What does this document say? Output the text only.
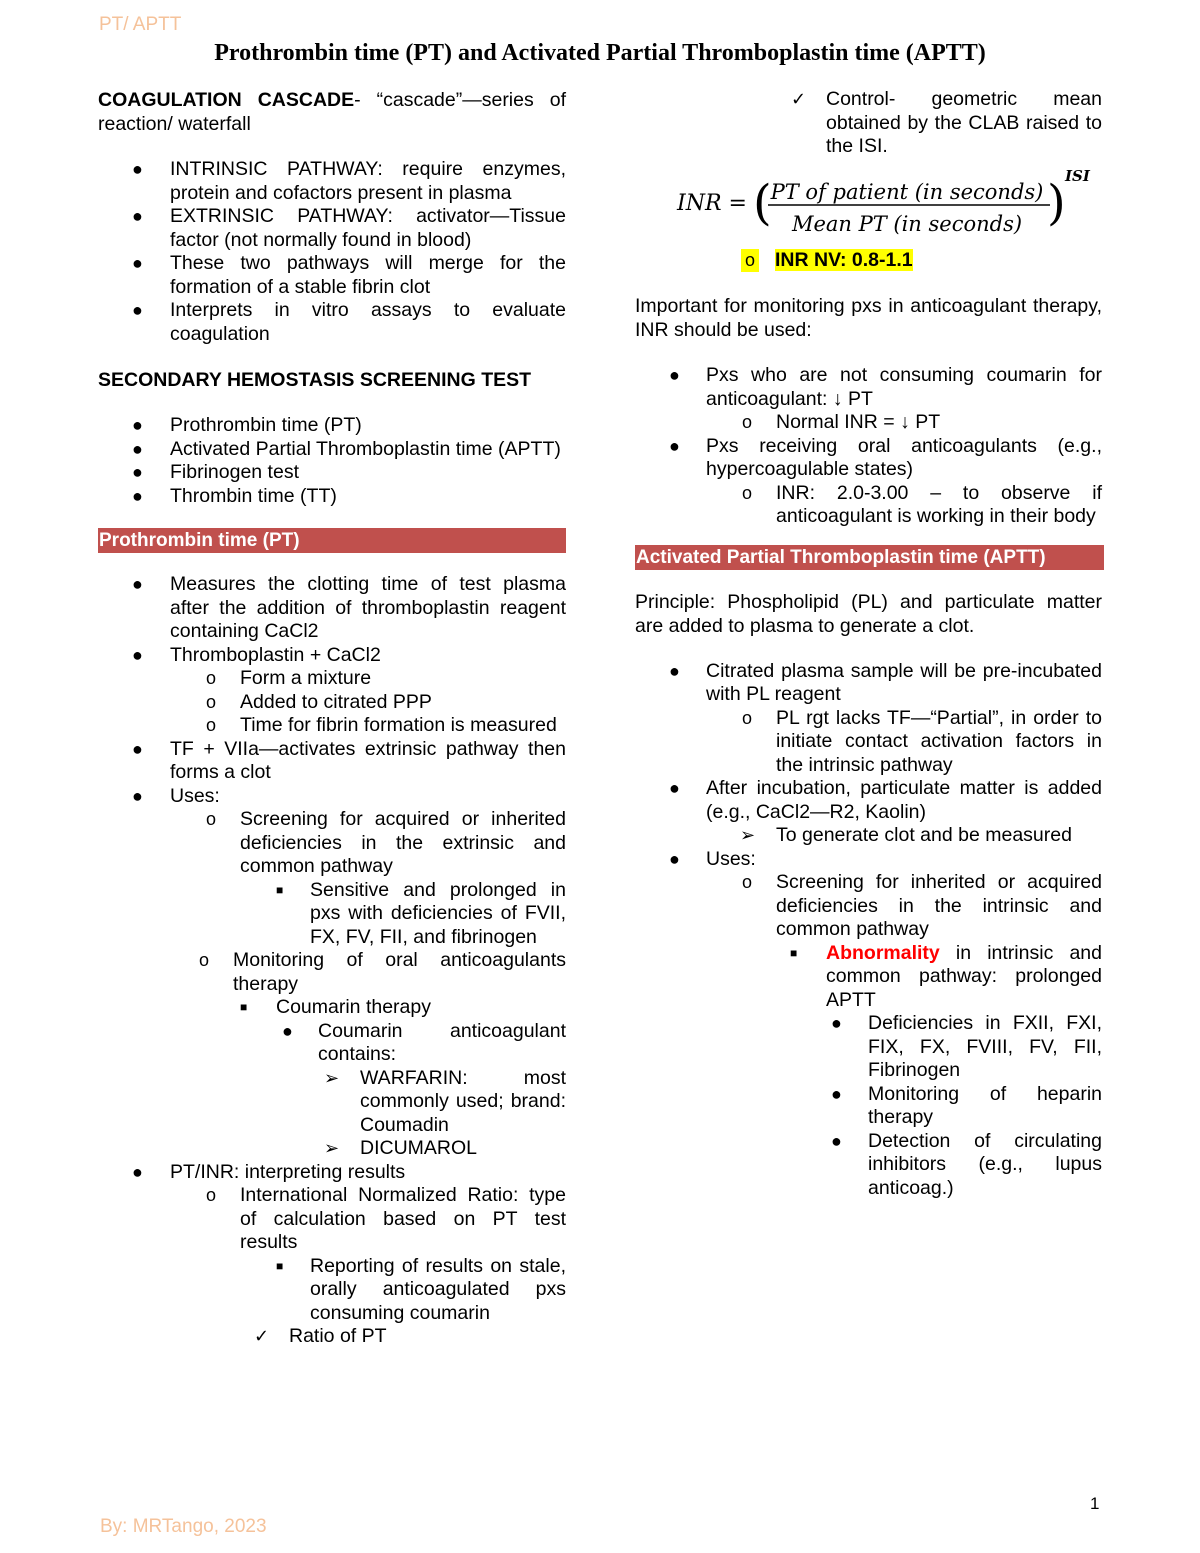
PT/ APTT
Prothrombin time (PT) and Activated Partial Thromboplastin time (APTT)

COAGULATION CASCADE- “cascade”—series of reaction/ waterfall

● INTRINSIC PATHWAY: require enzymes, protein and cofactors present in plasma
● EXTRINSIC PATHWAY: activator—Tissue factor (not normally found in blood)
● These two pathways will merge for the formation of a stable fibrin clot
● Interprets in vitro assays to evaluate coagulation

SECONDARY HEMOSTASIS SCREENING TEST

● Prothrombin time (PT)
● Activated Partial Thromboplastin time (APTT)
● Fibrinogen test
● Thrombin time (TT)
Prothrombin time (PT)
● Measures the clotting time of test plasma after the addition of thromboplastin reagent containing CaCl2
● Thromboplastin + CaCl2
o Form a mixture
o Added to citrated PPP
o Time for fibrin formation is measured
● TF + VIIa—activates extrinsic pathway then forms a clot
● Uses:
o Screening for acquired or inherited deficiencies in the extrinsic and common pathway
■ Sensitive and prolonged in pxs with deficiencies of FVII, FX, FV, FII, and fibrinogen
o Monitoring of oral anticoagulants therapy
■ Coumarin therapy
● Coumarin anticoagulant contains:
➢ WARFARIN: most commonly used; brand: Coumadin
➢ DICUMAROL
● PT/INR: interpreting results
o International Normalized Ratio: type of calculation based on PT test results
■ Reporting of results on stale, orally anticoagulated pxs consuming coumarin
✓ Ratio of PT
✓ Control- geometric mean obtained by the CLAB raised to the ISI.
INR = (
PT of patient (in seconds)
Mean PT (in seconds) ) ISI
o INR NV: 0.8-1.1

Important for monitoring pxs in anticoagulant therapy, INR should be used:

● Pxs who are not consuming coumarin for anticoagulant: ↓ PT
o Normal INR = ↓ PT
● Pxs receiving oral anticoagulants (e.g., hypercoagulable states)
o INR: 2.0-3.00 – to observe if anticoagulant is working in their body
Activated Partial Thromboplastin time (APTT)

Principle: Phospholipid (PL) and particulate matter are added to plasma to generate a clot.

● Citrated plasma sample will be pre-incubated with PL reagent
o PL rgt lacks TF—“Partial”, in order to initiate contact activation factors in the intrinsic pathway
● After incubation, particulate matter is added (e.g., CaCl2—R2, Kaolin)
➢ To generate clot and be measured
● Uses:
o Screening for inherited or acquired deficiencies in the intrinsic and common pathway
■ Abnormality in intrinsic and common pathway: prolonged APTT
● Deficiencies in FXII, FXI, FIX, FX, FVIII, FV, FII, Fibrinogen
● Monitoring of heparin therapy
● Detection of circulating inhibitors (e.g., lupus anticoag.)
1
By: MRTango, 2023
